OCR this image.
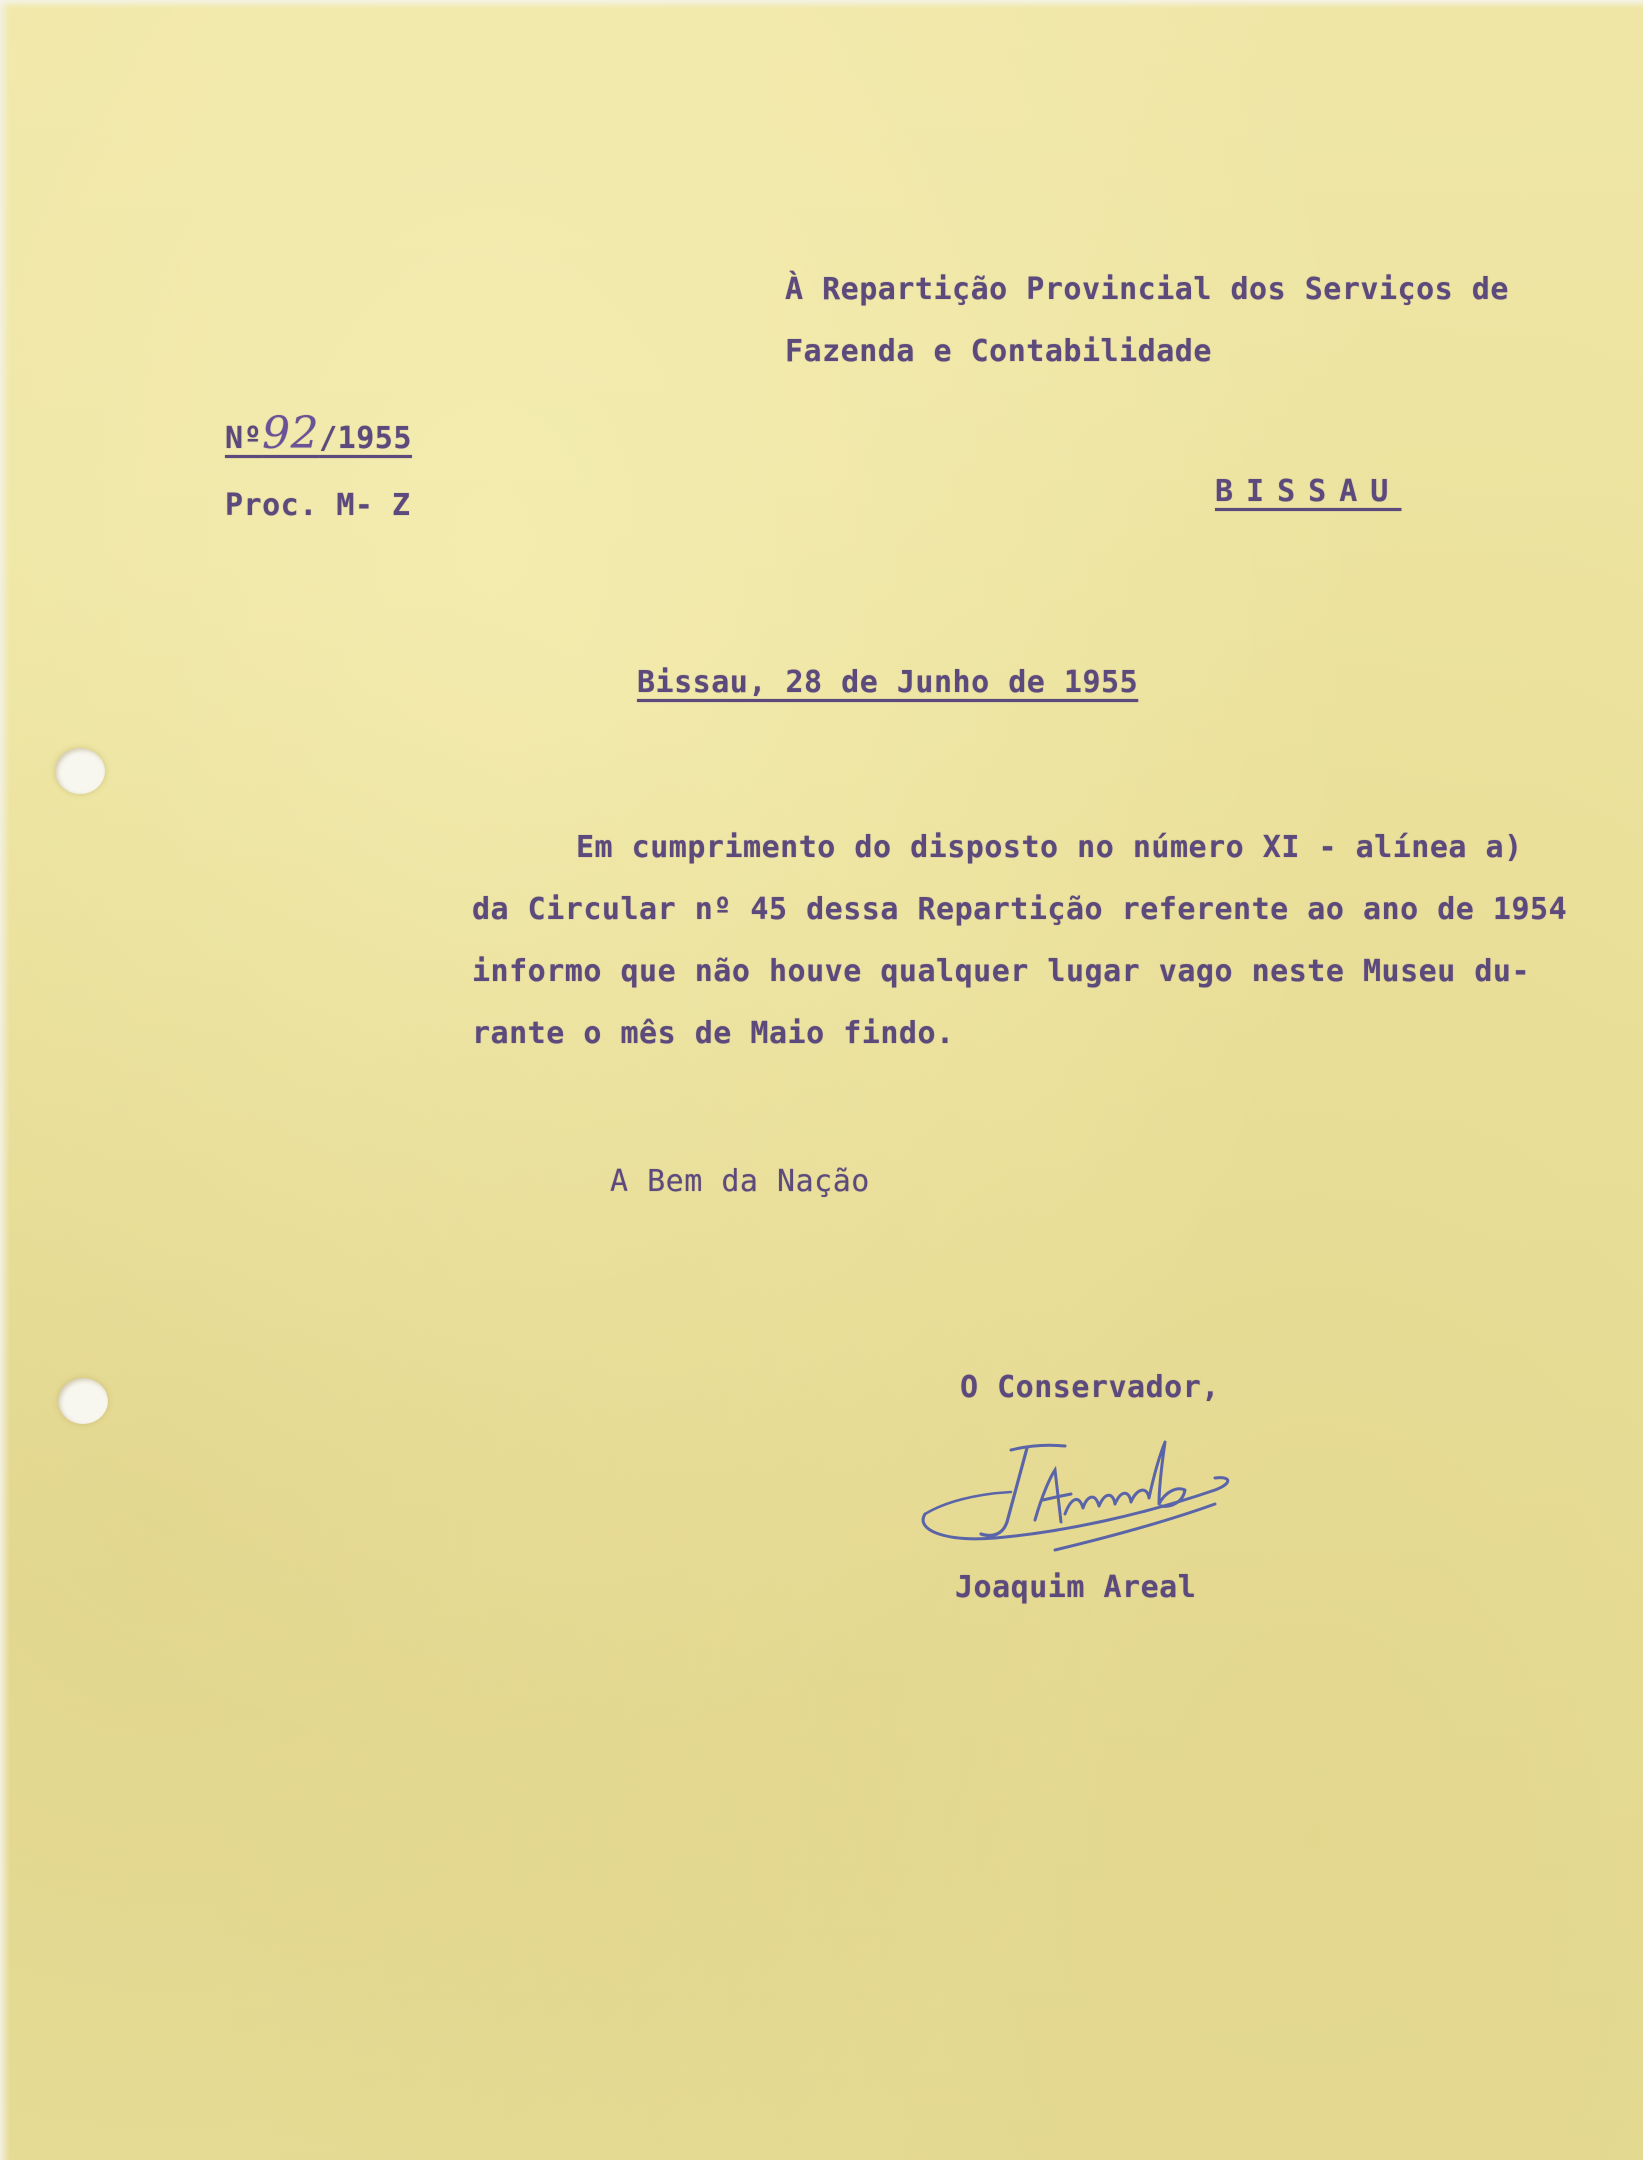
À Repartição Provincial dos Serviços de
Fazenda e Contabilidade
Nº92/1955
Proc. M- Z	BISSAU
Bissau, 28 de Junho de 1955
Em cumprimento do disposto no número XI - alínea a)
da Circular nº 45 dessa Repartição referente ao ano de 1954
informo que não houve qualquer lugar vago neste Museu du-
rante o mês de Maio findo.
A Bem da Nação
O Conservador,
Joaquim Areal
